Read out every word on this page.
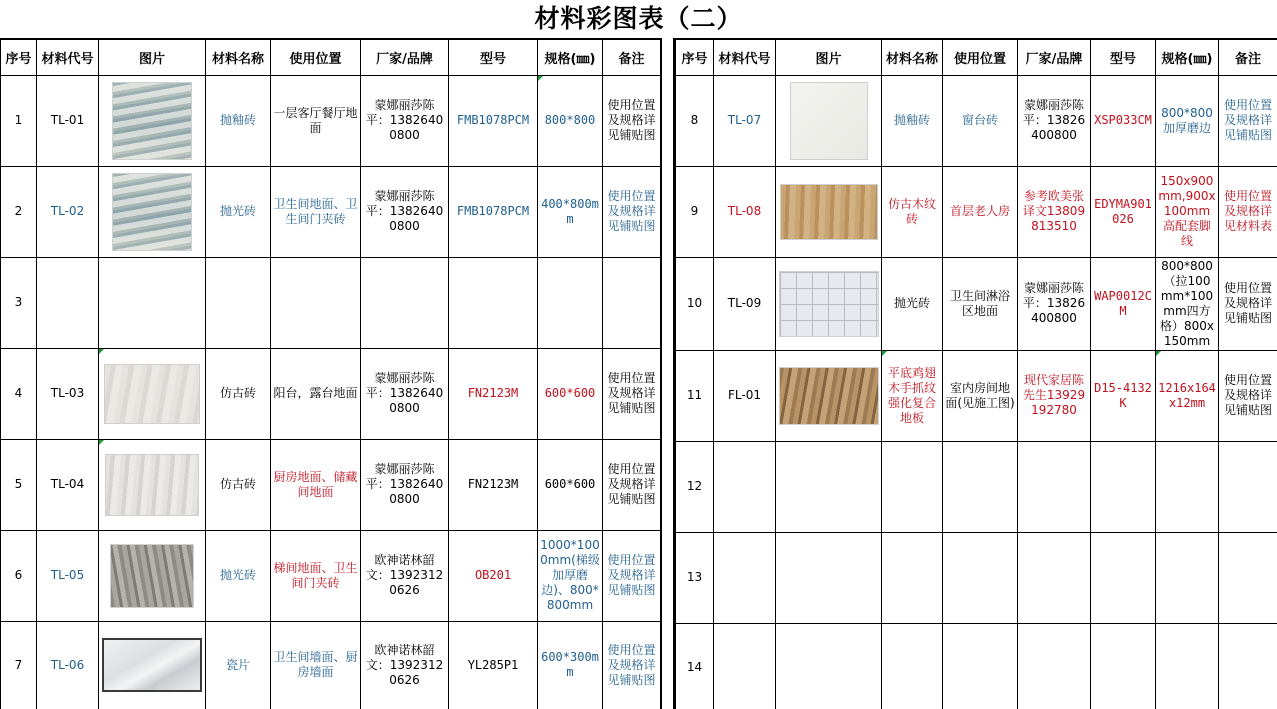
材料彩图表（二）
序号	材料代号	图片	材料名称	使用位置	厂家/品牌	型号	规格(㎜)	备注
1	TL-01		抛釉砖	一层客厅餐厅地面	蒙娜丽莎陈平：13826400800	FMB1078PCM	800*800	使用位置及规格详见铺贴图
2	TL-02		抛光砖	卫生间地面、卫生间门夹砖	蒙娜丽莎陈平：13826400800	FMB1078PCM	400*800mm	使用位置及规格详见铺贴图
3								
4	TL-03		仿古砖	阳台，露台地面	蒙娜丽莎陈平：13826400800	FN2123M	600*600	使用位置及规格详见铺贴图
5	TL-04		仿古砖	厨房地面、储藏间地面	蒙娜丽莎陈平：13826400800	FN2123M	600*600	使用位置及规格详见铺贴图
6	TL-05		抛光砖	梯间地面、卫生间门夹砖	欧神诺林韶文：13923120626	OB201	1000*1000mm(梯级加厚磨边)、800*800mm	使用位置及规格详见铺贴图
7	TL-06		瓷片	卫生间墙面、厨房墙面	欧神诺林韶文：13923120626	YL285P1	600*300mm	使用位置及规格详见铺贴图
序号	材料代号	图片	材料名称	使用位置	厂家/品牌	型号	规格(㎜)	备注
8	TL-07		抛釉砖	窗台砖	蒙娜丽莎陈平：13826400800	XSP033CM	800*800 加厚磨边	使用位置及规格详见铺贴图
9	TL-08		仿古木纹砖	首层老人房	参考欧美张译文13809813510	EDYMA901026	150x900mm,900x100mm高配套脚线	使用位置及规格详见材料表
10	TL-09		抛光砖	卫生间淋浴区地面	蒙娜丽莎陈平：13826400800	WAP0012CM	800*800（拉100mm*100mm四方格）800x150mm	使用位置及规格详见铺贴图
11	FL-01		平底鸡翅木手抓纹强化复合地板	室内房间地面(见施工图)	现代家居陈先生13929192780	D15-4132K	1216x164x12mm	使用位置及规格详见铺贴图
12								
13								
14								
